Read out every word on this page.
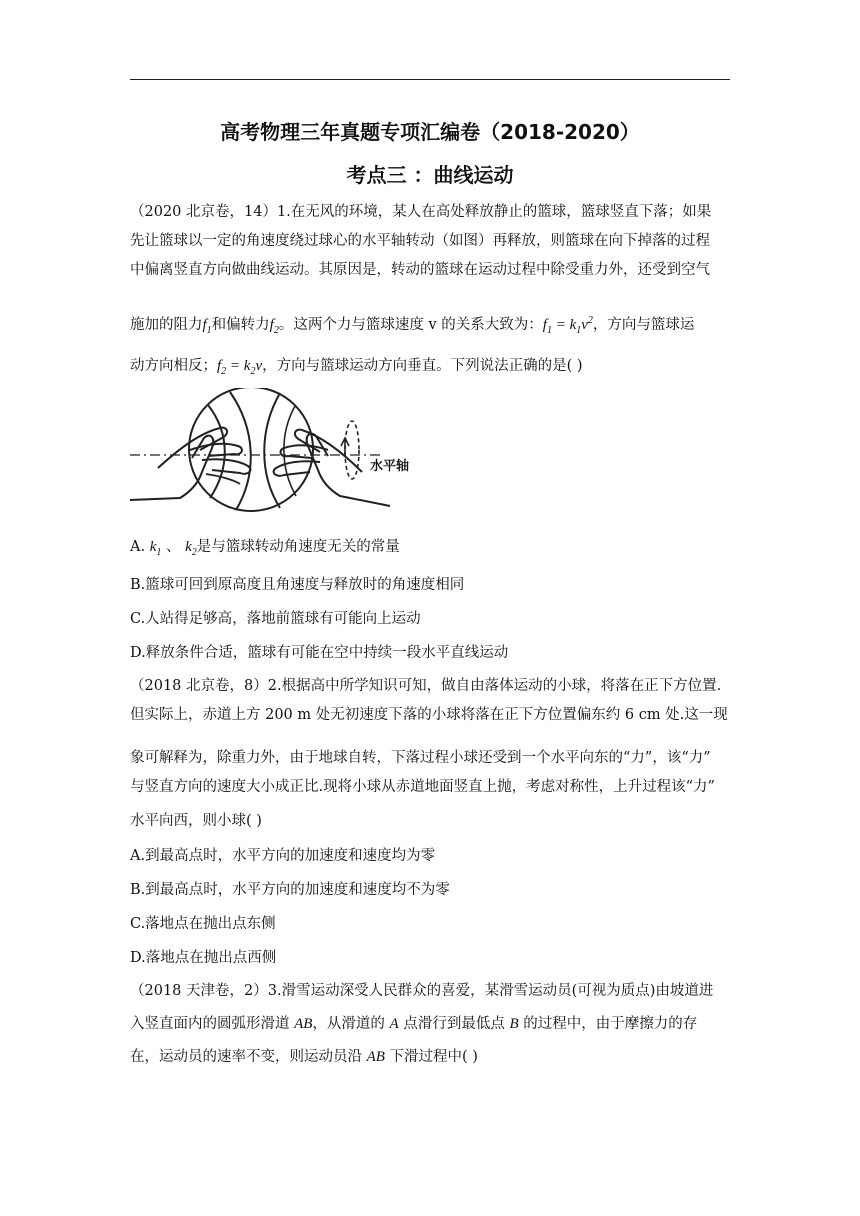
高考物理三年真题专项汇编卷（2018-2020）
考点三 ：曲线运动
（2020 北京卷，14）1.在无风的环境，某人在高处释放静止的篮球，篮球竖直下落；如果
先让篮球以一定的角速度绕过球心的水平轴转动（如图）再释放，则篮球在向下掉落的过程
中偏离竖直方向做曲线运动。其原因是，转动的篮球在运动过程中除受重力外，还受到空气
施加的阻力$f_1$和偏转力$f_2$。这两个力与篮球速度 v 的关系大致为：$f_1 = k_1v^2$，方向与篮球运
动方向相反；$f_2 = k_2v$，方向与篮球运动方向垂直。下列说法正确的是( )
水平轴
A. $k_1$ 、 $k_2$是与篮球转动角速度无关的常量
B.篮球可回到原高度且角速度与释放时的角速度相同
C.人站得足够高，落地前篮球有可能向上运动
D.释放条件合适，篮球有可能在空中持续一段水平直线运动
（2018 北京卷，8）2.根据高中所学知识可知，做自由落体运动的小球，将落在正下方位置.
但实际上，赤道上方 200 m 处无初速度下落的小球将落在正下方位置偏东约 6 cm 处.这一现
象可解释为，除重力外，由于地球自转，下落过程小球还受到一个水平向东的“力”，该“力”
与竖直方向的速度大小成正比.现将小球从赤道地面竖直上抛，考虑对称性，上升过程该“力”
水平向西，则小球( )
A.到最高点时，水平方向的加速度和速度均为零
B.到最高点时，水平方向的加速度和速度均不为零
C.落地点在抛出点东侧
D.落地点在抛出点西侧
（2018 天津卷，2）3.滑雪运动深受人民群众的喜爱，某滑雪运动员(可视为质点)由坡道进
入竖直面内的圆弧形滑道 AB，从滑道的 A 点滑行到最低点 B 的过程中，由于摩擦力的存
在，运动员的速率不变，则运动员沿 AB 下滑过程中( )
